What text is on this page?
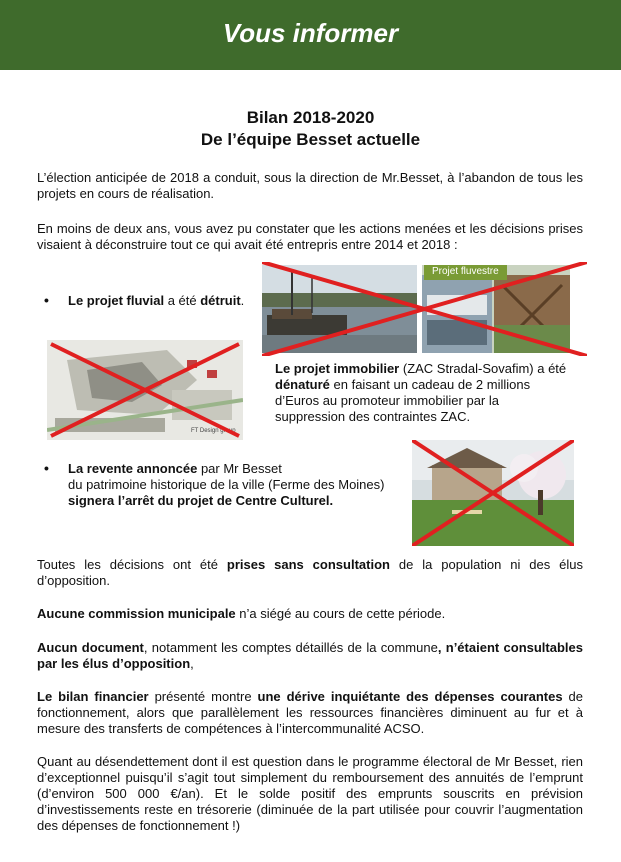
Vous informer
Bilan 2018-2020
De l’équipe Besset actuelle
L’élection anticipée de 2018 a conduit, sous la direction de Mr.Besset, à l’abandon de tous les projets en cours de réalisation.
En moins de deux ans, vous avez pu constater que les actions menées et les décisions prises visaient à déconstruire tout ce qui avait été entrepris entre 2014 et 2018 :
• Le projet fluvial a été détruit.
Projet fluvestre
FT Design group
Le projet immobilier (ZAC Stradal-Sovafim) a été dénaturé en faisant un cadeau de 2 millions d’Euros au promoteur immobilier par la suppression des contraintes ZAC.
• La revente annoncée par Mr Besset
du patrimoine historique de la ville (Ferme des Moines)
signera l’arrêt du projet de Centre Culturel.
Toutes les décisions ont été prises sans consultation de la population ni des élus d’opposition.
Aucune commission municipale n’a siégé au cours de cette période.
Aucun document, notamment les comptes détaillés de la commune, n’étaient consultables par les élus d’opposition,
Le bilan financier présenté montre une dérive inquiétante des dépenses courantes de fonctionnement, alors que parallèlement les ressources financières diminuent au fur et à mesure des transferts de compétences à l’intercommunalité ACSO.
Quant au désendettement dont il est question dans le programme électoral de Mr Besset, rien d’exceptionnel puisqu’il s’agit tout simplement du remboursement des annuités de l’emprunt (d’environ 500 000 €/an). Et le solde positif des emprunts souscrits en prévision d’investissements reste en trésorerie (diminuée de la part utilisée pour couvrir l’augmentation des dépenses de fonctionnement !)
